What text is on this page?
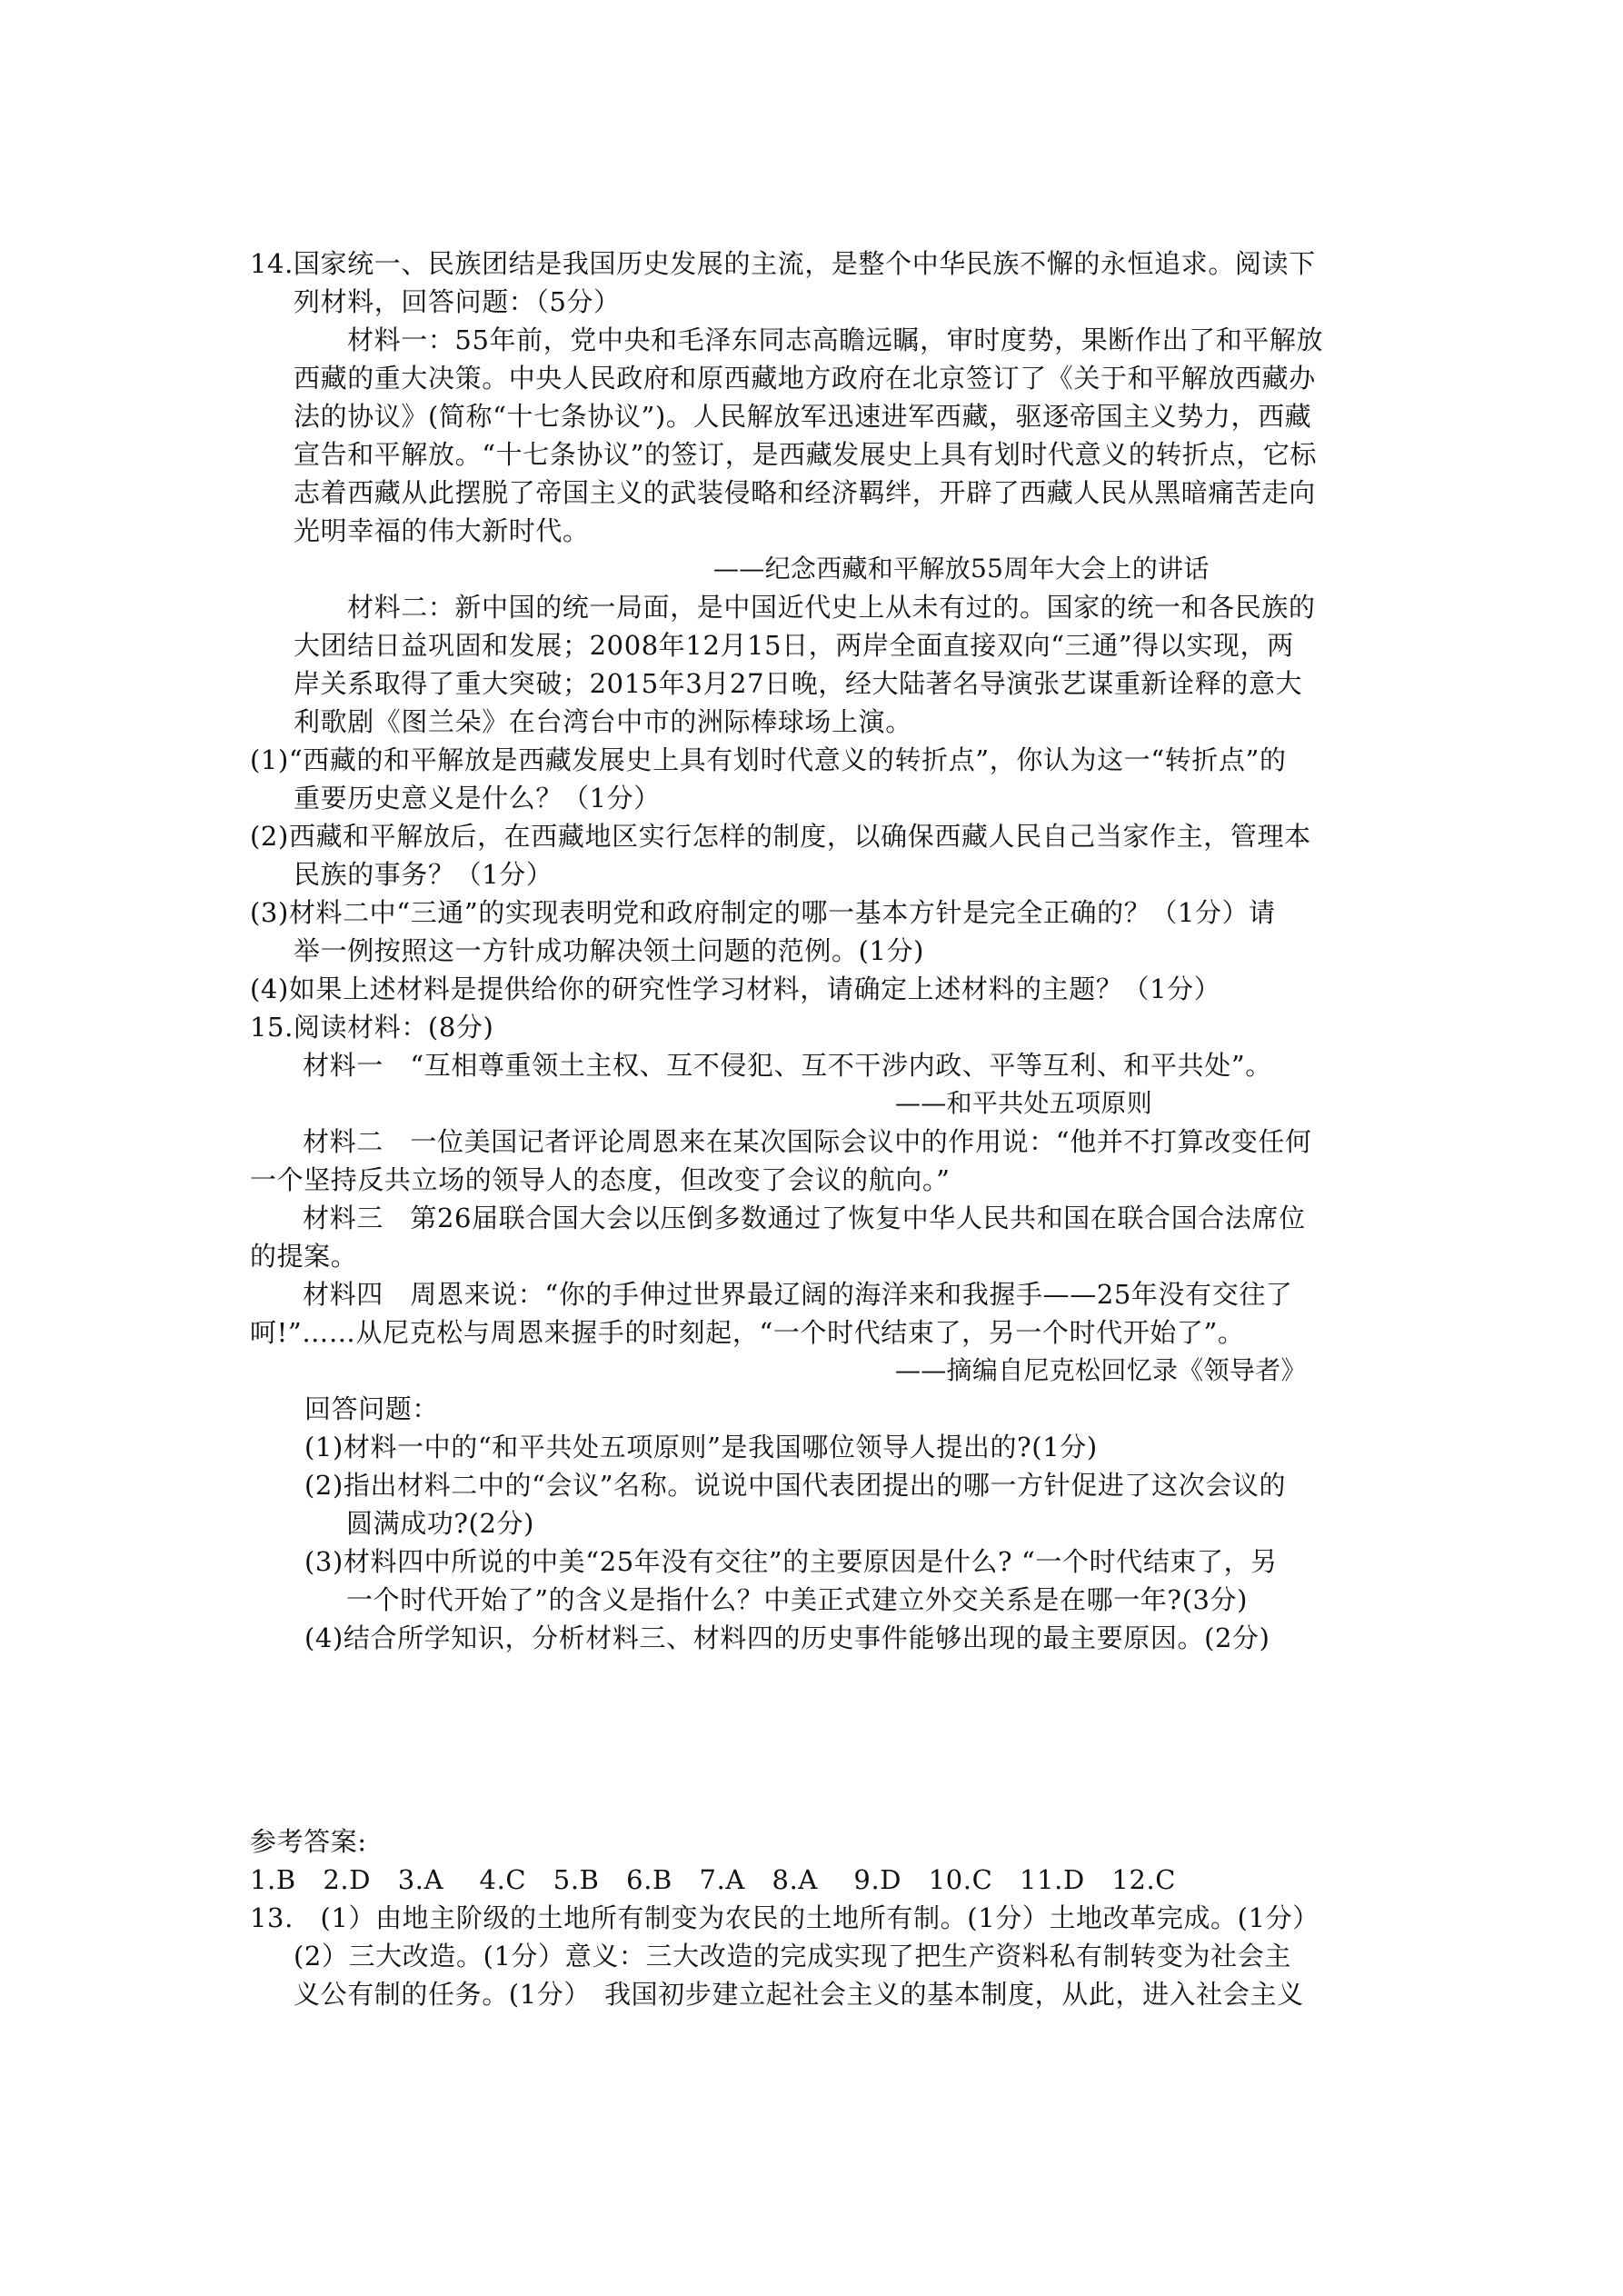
14.国家统一、民族团结是我国历史发展的主流，是整个中华民族不懈的永恒追求。阅读下
列材料，回答问题：（5分）
材料一：55年前，党中央和毛泽东同志高瞻远瞩，审时度势，果断作出了和平解放
西藏的重大决策。中央人民政府和原西藏地方政府在北京签订了《关于和平解放西藏办
法的协议》(简称“十七条协议”)。人民解放军迅速进军西藏，驱逐帝国主义势力，西藏
宣告和平解放。“十七条协议”的签订，是西藏发展史上具有划时代意义的转折点，它标
志着西藏从此摆脱了帝国主义的武装侵略和经济羁绊，开辟了西藏人民从黑暗痛苦走向
光明幸福的伟大新时代。
——纪念西藏和平解放55周年大会上的讲话
材料二：新中国的统一局面，是中国近代史上从未有过的。国家的统一和各民族的
大团结日益巩固和发展；2008年12月15日，两岸全面直接双向“三通”得以实现，两
岸关系取得了重大突破；2015年3月27日晚，经大陆著名导演张艺谋重新诠释的意大
利歌剧《图兰朵》在台湾台中市的洲际棒球场上演。
(1)“西藏的和平解放是西藏发展史上具有划时代意义的转折点”，你认为这一“转折点”的
重要历史意义是什么？（1分）
(2)西藏和平解放后，在西藏地区实行怎样的制度，以确保西藏人民自己当家作主，管理本
民族的事务？（1分）
(3)材料二中“三通”的实现表明党和政府制定的哪一基本方针是完全正确的？（1分）请
举一例按照这一方针成功解决领土问题的范例。(1分)
(4)如果上述材料是提供给你的研究性学习材料，请确定上述材料的主题？（1分）
15.阅读材料：(8分)
材料一　“互相尊重领土主权、互不侵犯、互不干涉内政、平等互利、和平共处”。
——和平共处五项原则
材料二　一位美国记者评论周恩来在某次国际会议中的作用说：“他并不打算改变任何
一个坚持反共立场的领导人的态度，但改变了会议的航向。”
材料三　第26届联合国大会以压倒多数通过了恢复中华人民共和国在联合国合法席位
的提案。
材料四　周恩来说：“你的手伸过世界最辽阔的海洋来和我握手——25年没有交往了
呵!”……从尼克松与周恩来握手的时刻起，“一个时代结束了，另一个时代开始了”。
——摘编自尼克松回忆录《领导者》
回答问题：
(1)材料一中的“和平共处五项原则”是我国哪位领导人提出的?(1分)
(2)指出材料二中的“会议”名称。说说中国代表团提出的哪一方针促进了这次会议的
圆满成功?(2分)
(3)材料四中所说的中美“25年没有交往”的主要原因是什么? “一个时代结束了，另
一个时代开始了”的含义是指什么？中美正式建立外交关系是在哪一年?(3分)
(4)结合所学知识，分析材料三、材料四的历史事件能够出现的最主要原因。(2分)
参考答案:
1.B　2.D　3.A　 4.C　5.B　6.B　7.A　8.A　 9.D　10.C　11.D　12.C
13.　(1）由地主阶级的土地所有制变为农民的土地所有制。(1分）土地改革完成。(1分）
(2）三大改造。(1分）意义：三大改造的完成实现了把生产资料私有制转变为社会主
义公有制的任务。(1分）　我国初步建立起社会主义的基本制度，从此，进入社会主义
